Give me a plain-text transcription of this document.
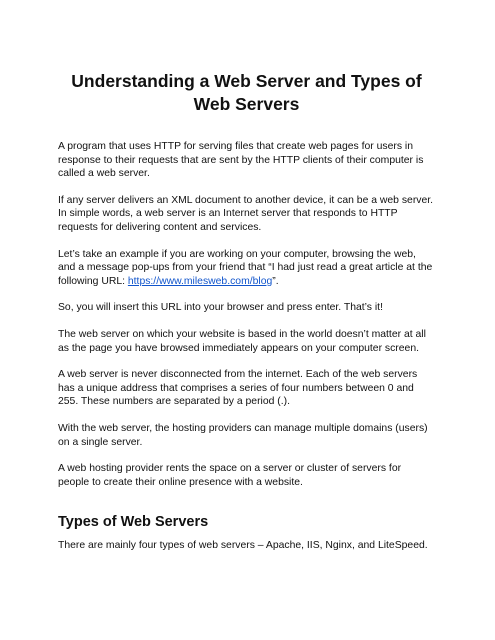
Understanding a Web Server and Types of Web Servers

A program that uses HTTP for serving files that create web pages for users in response to their requests that are sent by the HTTP clients of their computer is called a web server.

If any server delivers an XML document to another device, it can be a web server. In simple words, a web server is an Internet server that responds to HTTP requests for delivering content and services.

Let’s take an example if you are working on your computer, browsing the web, and a message pop-ups from your friend that “I had just read a great article at the following URL: https://www.milesweb.com/blog”.

So, you will insert this URL into your browser and press enter. That’s it!

The web server on which your website is based in the world doesn’t matter at all as the page you have browsed immediately appears on your computer screen.

A web server is never disconnected from the internet. Each of the web servers has a unique address that comprises a series of four numbers between 0 and 255. These numbers are separated by a period (.).

With the web server, the hosting providers can manage multiple domains (users) on a single server.

A web hosting provider rents the space on a server or cluster of servers for people to create their online presence with a website.

Types of Web Servers

There are mainly four types of web servers – Apache, IIS, Nginx, and LiteSpeed.
